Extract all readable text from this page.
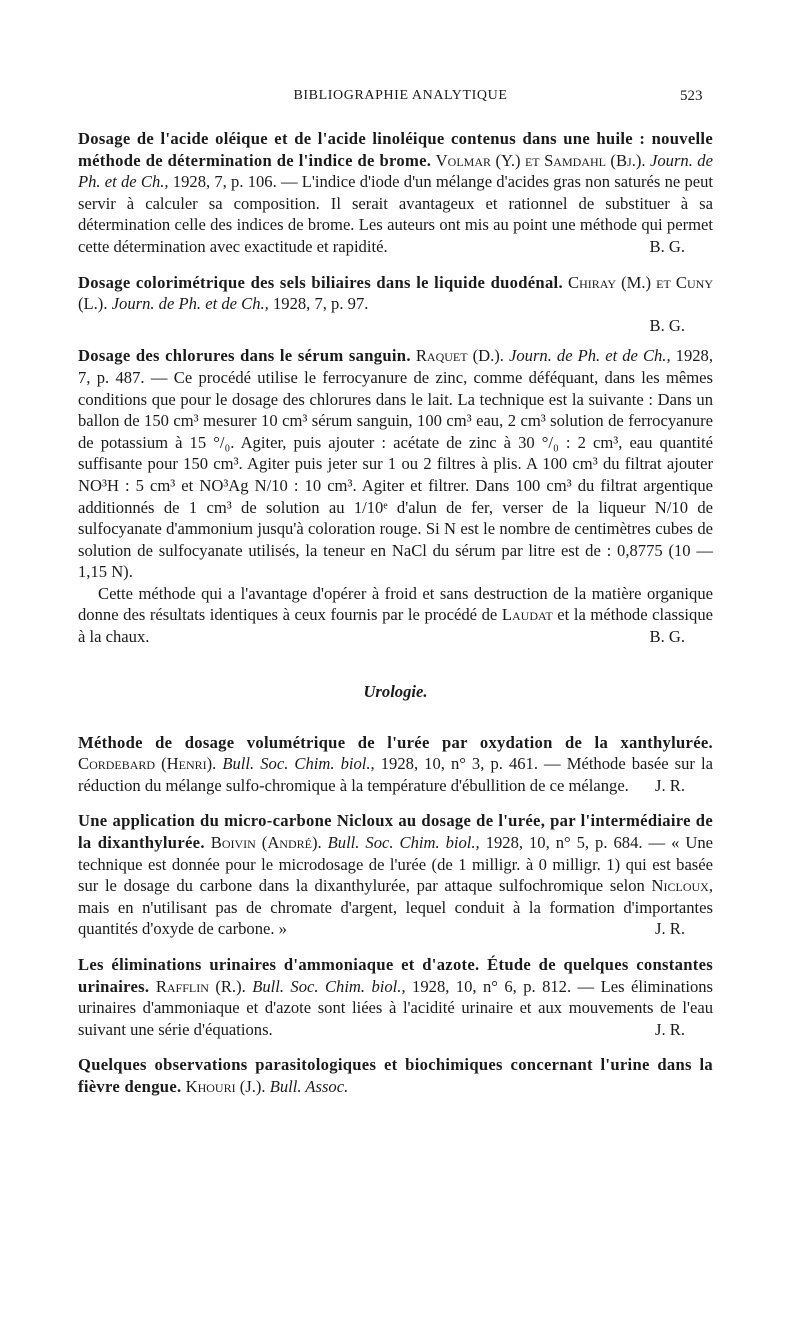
BIBLIOGRAPHIE ANALYTIQUE	523

Dosage de l'acide oléique et de l'acide linoléique contenus dans une huile : nouvelle méthode de détermination de l'indice de brome. Volmar (Y.) et Samdahl (Bj.). Journ. de Ph. et de Ch., 1928, 7, p. 106. — L'indice d'iode d'un mélange d'acides gras non saturés ne peut servir à calculer sa composition. Il serait avantageux et rationnel de substituer à sa détermination celle des indices de brome. Les auteurs ont mis au point une méthode qui permet cette détermination avec exactitude et rapidité.	B. G.

Dosage colorimétrique des sels biliaires dans le liquide duodénal. Chiray (M.) et Cuny (L.). Journ. de Ph. et de Ch., 1928, 7, p. 97.
B. G.

Dosage des chlorures dans le sérum sanguin. Raquet (D.). Journ. de Ph. et de Ch., 1928, 7, p. 487. — Ce procédé utilise le ferrocyanure de zinc, comme déféquant, dans les mêmes conditions que pour le dosage des chlorures dans le lait. La technique est la suivante : Dans un ballon de 150 cm³ mesurer 10 cm³ sérum sanguin, 100 cm³ eau, 2 cm³ solution de ferrocyanure de potassium à 15 °/₀. Agiter, puis ajouter : acétate de zinc à 30 °/₀ : 2 cm³, eau quantité suffisante pour 150 cm³. Agiter puis jeter sur 1 ou 2 filtres à plis. A 100 cm³ du filtrat ajouter NO³H : 5 cm³ et NO³Ag N/10 : 10 cm³. Agiter et filtrer. Dans 100 cm³ du filtrat argentique additionnés de 1 cm³ de solution au 1/10ᵉ d'alun de fer, verser de la liqueur N/10 de sulfocyanate d'ammonium jusqu'à coloration rouge. Si N est le nombre de centimètres cubes de solution de sulfocyanate utilisés, la teneur en NaCl du sérum par litre est de : 0,8775 (10 — 1,15 N).

Cette méthode qui a l'avantage d'opérer à froid et sans destruction de la matière organique donne des résultats identiques à ceux fournis par le procédé de Laudat et la méthode classique à la chaux.	B. G.

Urologie.

Méthode de dosage volumétrique de l'urée par oxydation de la xanthylurée. Cordebard (Henri). Bull. Soc. Chim. biol., 1928, 10, n° 3, p. 461. — Méthode basée sur la réduction du mélange sulfo-chromique à la température d'ébullition de ce mélange. J. R.

Une application du micro-carbone Nicloux au dosage de l'urée, par l'intermédiaire de la dixanthylurée. Boivin (André). Bull. Soc. Chim. biol., 1928, 10, n° 5, p. 684. — « Une technique est donnée pour le microdosage de l'urée (de 1 milligr. à 0 milligr. 1) qui est basée sur le dosage du carbone dans la dixanthylurée, par attaque sulfochromique selon Nicloux, mais en n'utilisant pas de chromate d'argent, lequel conduit à la formation d'importantes quantités d'oxyde de carbone. »	J. R.

Les éliminations urinaires d'ammoniaque et d'azote. Étude de quelques constantes urinaires. Rafflin (R.). Bull. Soc. Chim. biol., 1928, 10, n° 6, p. 812. — Les éliminations urinaires d'ammoniaque et d'azote sont liées à l'acidité urinaire et aux mouvements de l'eau suivant une série d'équations.	J. R.

Quelques observations parasitologiques et biochimiques concernant l'urine dans la fièvre dengue. Khouri (J.). Bull. Assoc.
